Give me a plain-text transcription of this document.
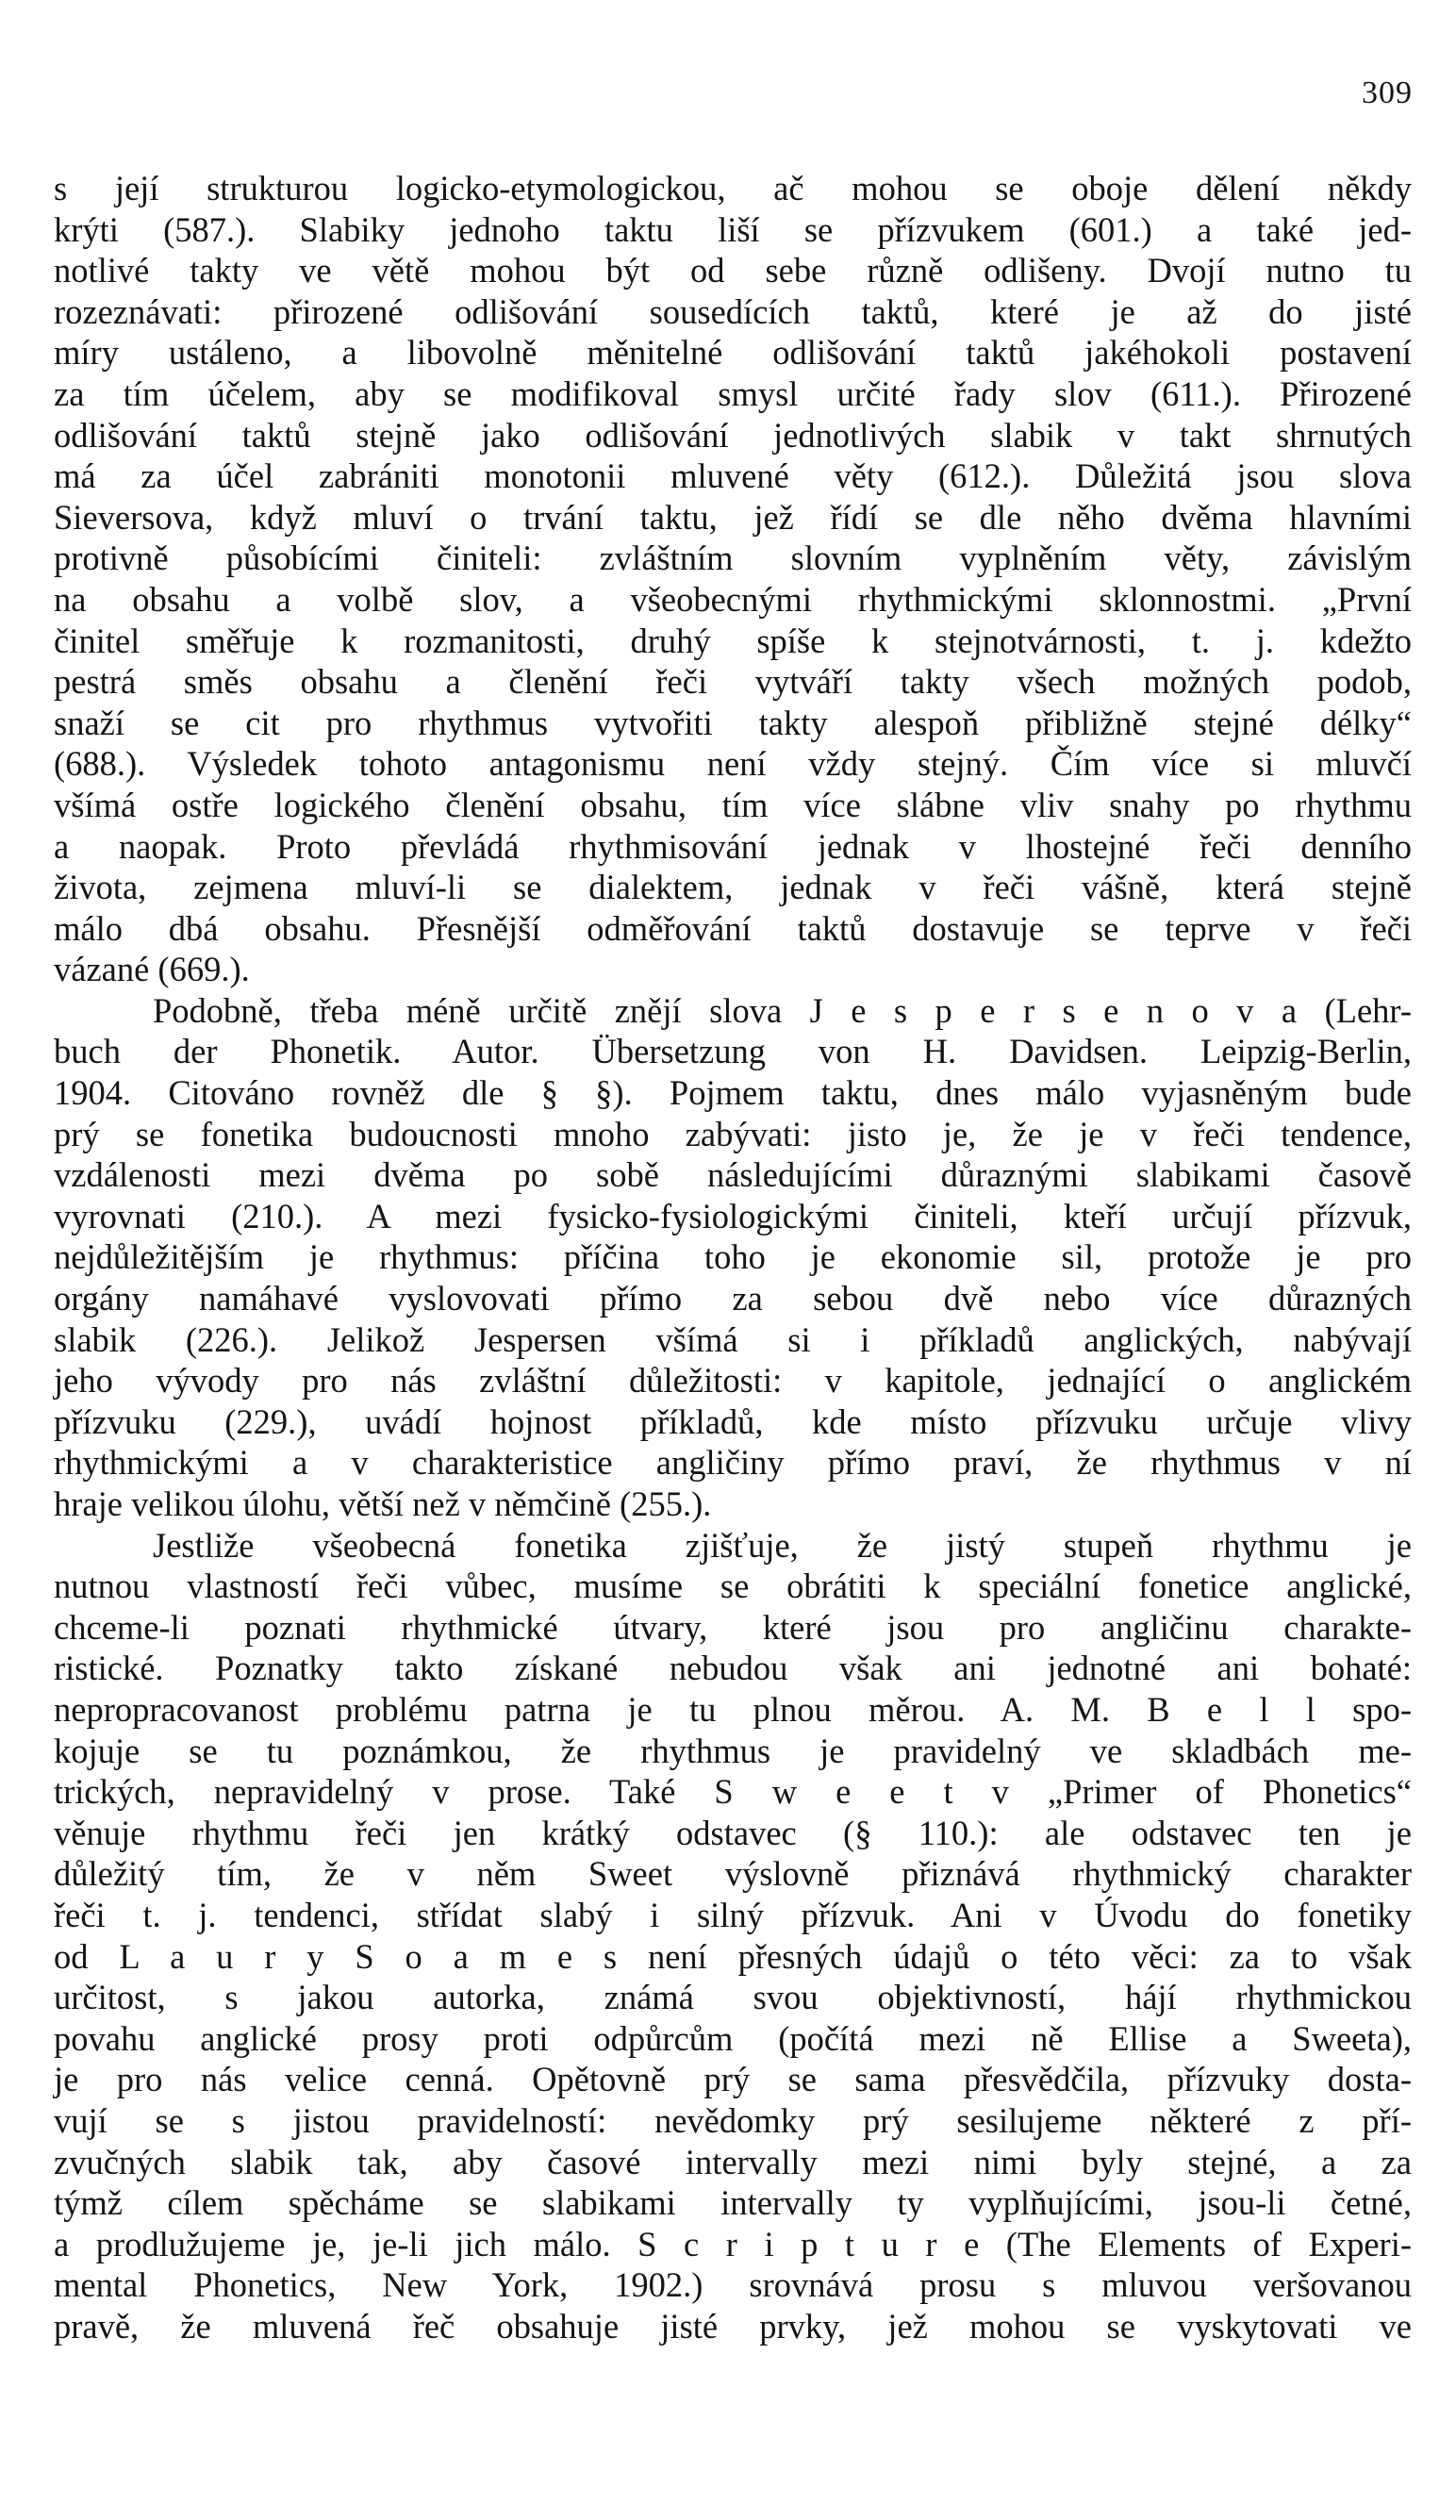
309
s její strukturou logicko-etymologickou, ač mohou se oboje dělení někdy
krýti (587.). Slabiky jednoho taktu liší se přízvukem (601.) a také jed-
notlivé takty ve větě mohou být od sebe různě odlišeny. Dvojí nutno tu
rozeznávati: přirozené odlišování sousedících taktů, které je až do jisté
míry ustáleno, a libovolně měnitelné odlišování taktů jakéhokoli postavení
za tím účelem, aby se modifikoval smysl určité řady slov (611.). Přirozené
odlišování taktů stejně jako odlišování jednotlivých slabik v takt shrnutých
má za účel zabrániti monotonii mluvené věty (612.). Důležitá jsou slova
Sieversova, když mluví o trvání taktu, jež řídí se dle něho dvěma hlavními
protivně působícími činiteli: zvláštním slovním vyplněním věty, závislým
na obsahu a volbě slov, a všeobecnými rhythmickými sklonnostmi. „První
činitel směřuje k rozmanitosti, druhý spíše k stejnotvárnosti, t. j. kdežto
pestrá směs obsahu a členění řeči vytváří takty všech možných podob,
snaží se cit pro rhythmus vytvořiti takty alespoň přibližně stejné délky“
(688.). Výsledek tohoto antagonismu není vždy stejný. Čím více si mluvčí
všímá ostře logického členění obsahu, tím více slábne vliv snahy po rhythmu
a naopak. Proto převládá rhythmisování jednak v lhostejné řeči denního
života, zejmena mluví-li se dialektem, jednak v řeči vášně, která stejně
málo dbá obsahu. Přesnější odměřování taktů dostavuje se teprve v řeči
vázané (669.).
Podobně, třeba méně určitě znějí slova J e s p e r s e n o v a (Lehr-
buch der Phonetik. Autor. Übersetzung von H. Davidsen. Leipzig-Berlin,
1904. Citováno rovněž dle § §). Pojmem taktu, dnes málo vyjasněným bude
prý se fonetika budoucnosti mnoho zabývati: jisto je, že je v řeči tendence,
vzdálenosti mezi dvěma po sobě následujícími důraznými slabikami časově
vyrovnati (210.). A mezi fysicko-fysiologickými činiteli, kteří určují přízvuk,
nejdůležitějším je rhythmus: příčina toho je ekonomie sil, protože je pro
orgány namáhavé vyslovovati přímo za sebou dvě nebo více důrazných
slabik (226.). Jelikož Jespersen všímá si i příkladů anglických, nabývají
jeho vývody pro nás zvláštní důležitosti: v kapitole, jednající o anglickém
přízvuku (229.), uvádí hojnost příkladů, kde místo přízvuku určuje vlivy
rhythmickými a v charakteristice angličiny přímo praví, že rhythmus v ní
hraje velikou úlohu, větší než v němčině (255.).
Jestliže všeobecná fonetika zjišťuje, že jistý stupeň rhythmu je
nutnou vlastností řeči vůbec, musíme se obrátiti k speciální fonetice anglické,
chceme-li poznati rhythmické útvary, které jsou pro angličinu charakte-
ristické. Poznatky takto získané nebudou však ani jednotné ani bohaté:
nepropracovanost problému patrna je tu plnou měrou. A. M. B e l l spo-
kojuje se tu poznámkou, že rhythmus je pravidelný ve skladbách me-
trických, nepravidelný v prose. Také S w e e t v „Primer of Phonetics“
věnuje rhythmu řeči jen krátký odstavec (§ 110.): ale odstavec ten je
důležitý tím, že v něm Sweet výslovně přiznává rhythmický charakter
řeči t. j. tendenci, střídat slabý i silný přízvuk. Ani v Úvodu do fonetiky
od L a u r y S o a m e s není přesných údajů o této věci: za to však
určitost, s jakou autorka, známá svou objektivností, hájí rhythmickou
povahu anglické prosy proti odpůrcům (počítá mezi ně Ellise a Sweeta),
je pro nás velice cenná. Opětovně prý se sama přesvědčila, přízvuky dosta-
vují se s jistou pravidelností: nevědomky prý sesilujeme některé z pří-
zvučných slabik tak, aby časové intervally mezi nimi byly stejné, a za
týmž cílem spěcháme se slabikami intervally ty vyplňujícími, jsou-li četné,
a prodlužujeme je, je-li jich málo. S c r i p t u r e (The Elements of Experi-
mental Phonetics, New York, 1902.) srovnává prosu s mluvou veršovanou
pravě, že mluvená řeč obsahuje jisté prvky, jež mohou se vyskytovati ve
